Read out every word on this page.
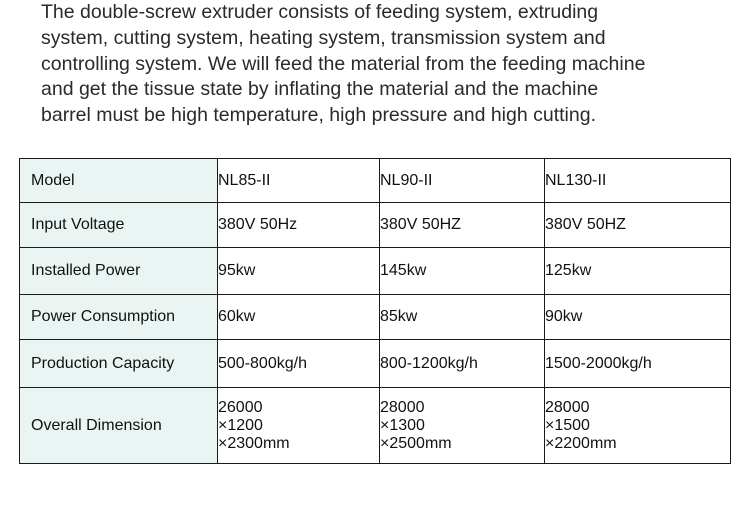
The double-screw extruder consists of feeding system, extruding

system, cutting system, heating system, transmission system and

controlling system. We will feed the material from the feeding machine

and get the tissue state by inflating the material and the machine

barrel must be high temperature, high pressure and high cutting.

Model	NL85-II	NL90-II	NL130-II
Input Voltage	380V 50Hz	380V 50HZ	380V 50HZ
Installed Power	95kw	145kw	125kw
Power Consumption	60kw	85kw	90kw
Production Capacity	500-800kg/h	800-1200kg/h	1500-2000kg/h
Overall Dimension	26000
×1200
×2300mm	28000
×1300
×2500mm	28000
×1500
×2200mm
